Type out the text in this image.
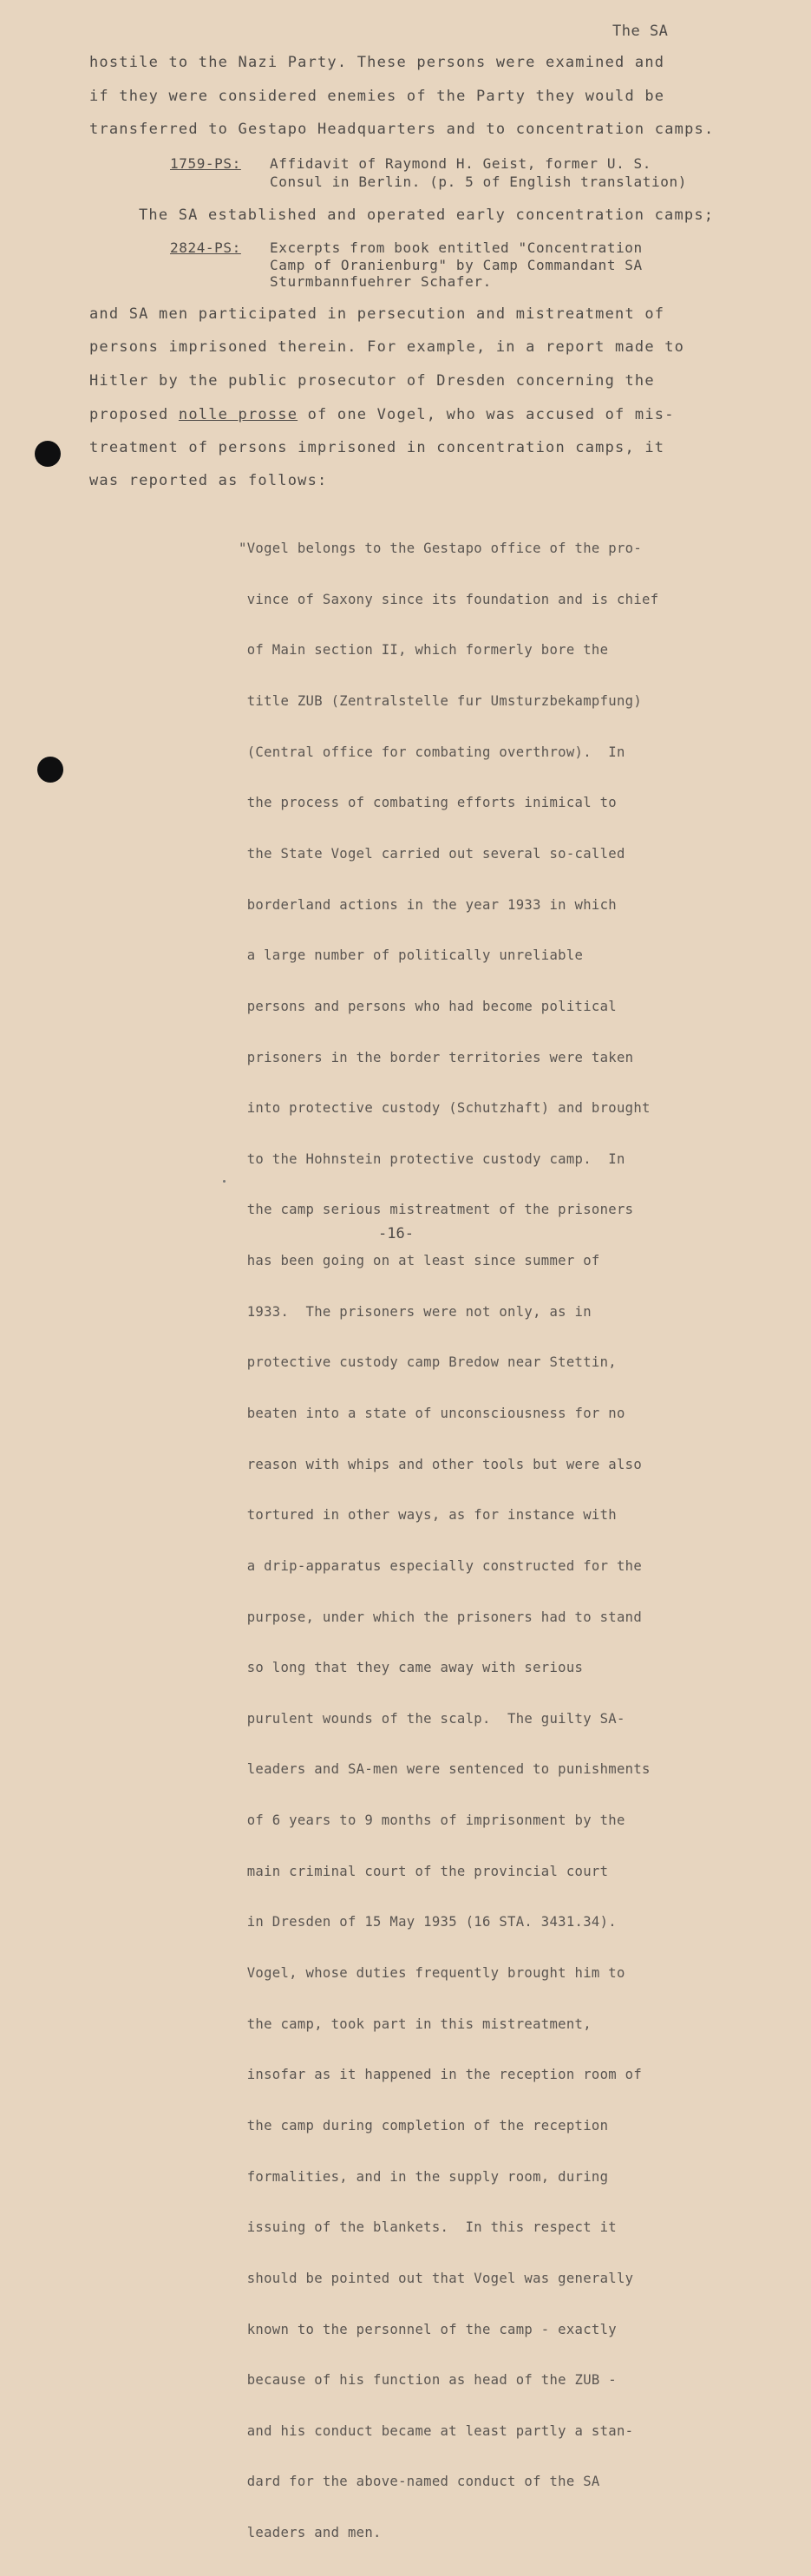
The SA
hostile to the Nazi Party. These persons were examined and
if they were considered enemies of the Party they would be
transferred to Gestapo Headquarters and to concentration camps.
1759-PS: Affidavit of Raymond H. Geist, former U. S.
Consul in Berlin. (p. 5 of English translation)
The SA established and operated early concentration camps;
2824-PS: Excerpts from book entitled "Concentration
Camp of Oranienburg" by Camp Commandant SA
Sturmbannfuehrer Schafer.
and SA men participated in persecution and mistreatment of
persons imprisoned therein. For example, in a report made to
Hitler by the public prosecutor of Dresden concerning the
proposed nolle prosse of one Vogel, who was accused of mis-
treatment of persons imprisoned in concentration camps, it
was reported as follows:

"Vogel belongs to the Gestapo office of the pro-

vince of Saxony since its foundation and is chief

of Main section II, which formerly bore the

title ZUB (Zentralstelle fur Umsturzbekampfung)

(Central office for combating overthrow).  In

the process of combating efforts inimical to

the State Vogel carried out several so-called

borderland actions in the year 1933 in which

a large number of politically unreliable

persons and persons who had become political

prisoners in the border territories were taken

into protective custody (Schutzhaft) and brought

to the Hohnstein protective custody camp.  In

the camp serious mistreatment of the prisoners

has been going on at least since summer of

1933.  The prisoners were not only, as in

protective custody camp Bredow near Stettin,

beaten into a state of unconsciousness for no

reason with whips and other tools but were also

tortured in other ways, as for instance with

a drip-apparatus especially constructed for the

purpose, under which the prisoners had to stand

so long that they came away with serious

purulent wounds of the scalp.  The guilty SA-

leaders and SA-men were sentenced to punishments

of 6 years to 9 months of imprisonment by the

main criminal court of the provincial court

in Dresden of 15 May 1935 (16 STA. 3431.34).

Vogel, whose duties frequently brought him to

the camp, took part in this mistreatment,

insofar as it happened in the reception room of

the camp during completion of the reception

formalities, and in the supply room, during

issuing of the blankets.  In this respect it

should be pointed out that Vogel was generally

known to the personnel of the camp - exactly

because of his function as head of the ZUB -

and his conduct became at least partly a stan-

dard for the above-named conduct of the SA

leaders and men.

-16-
